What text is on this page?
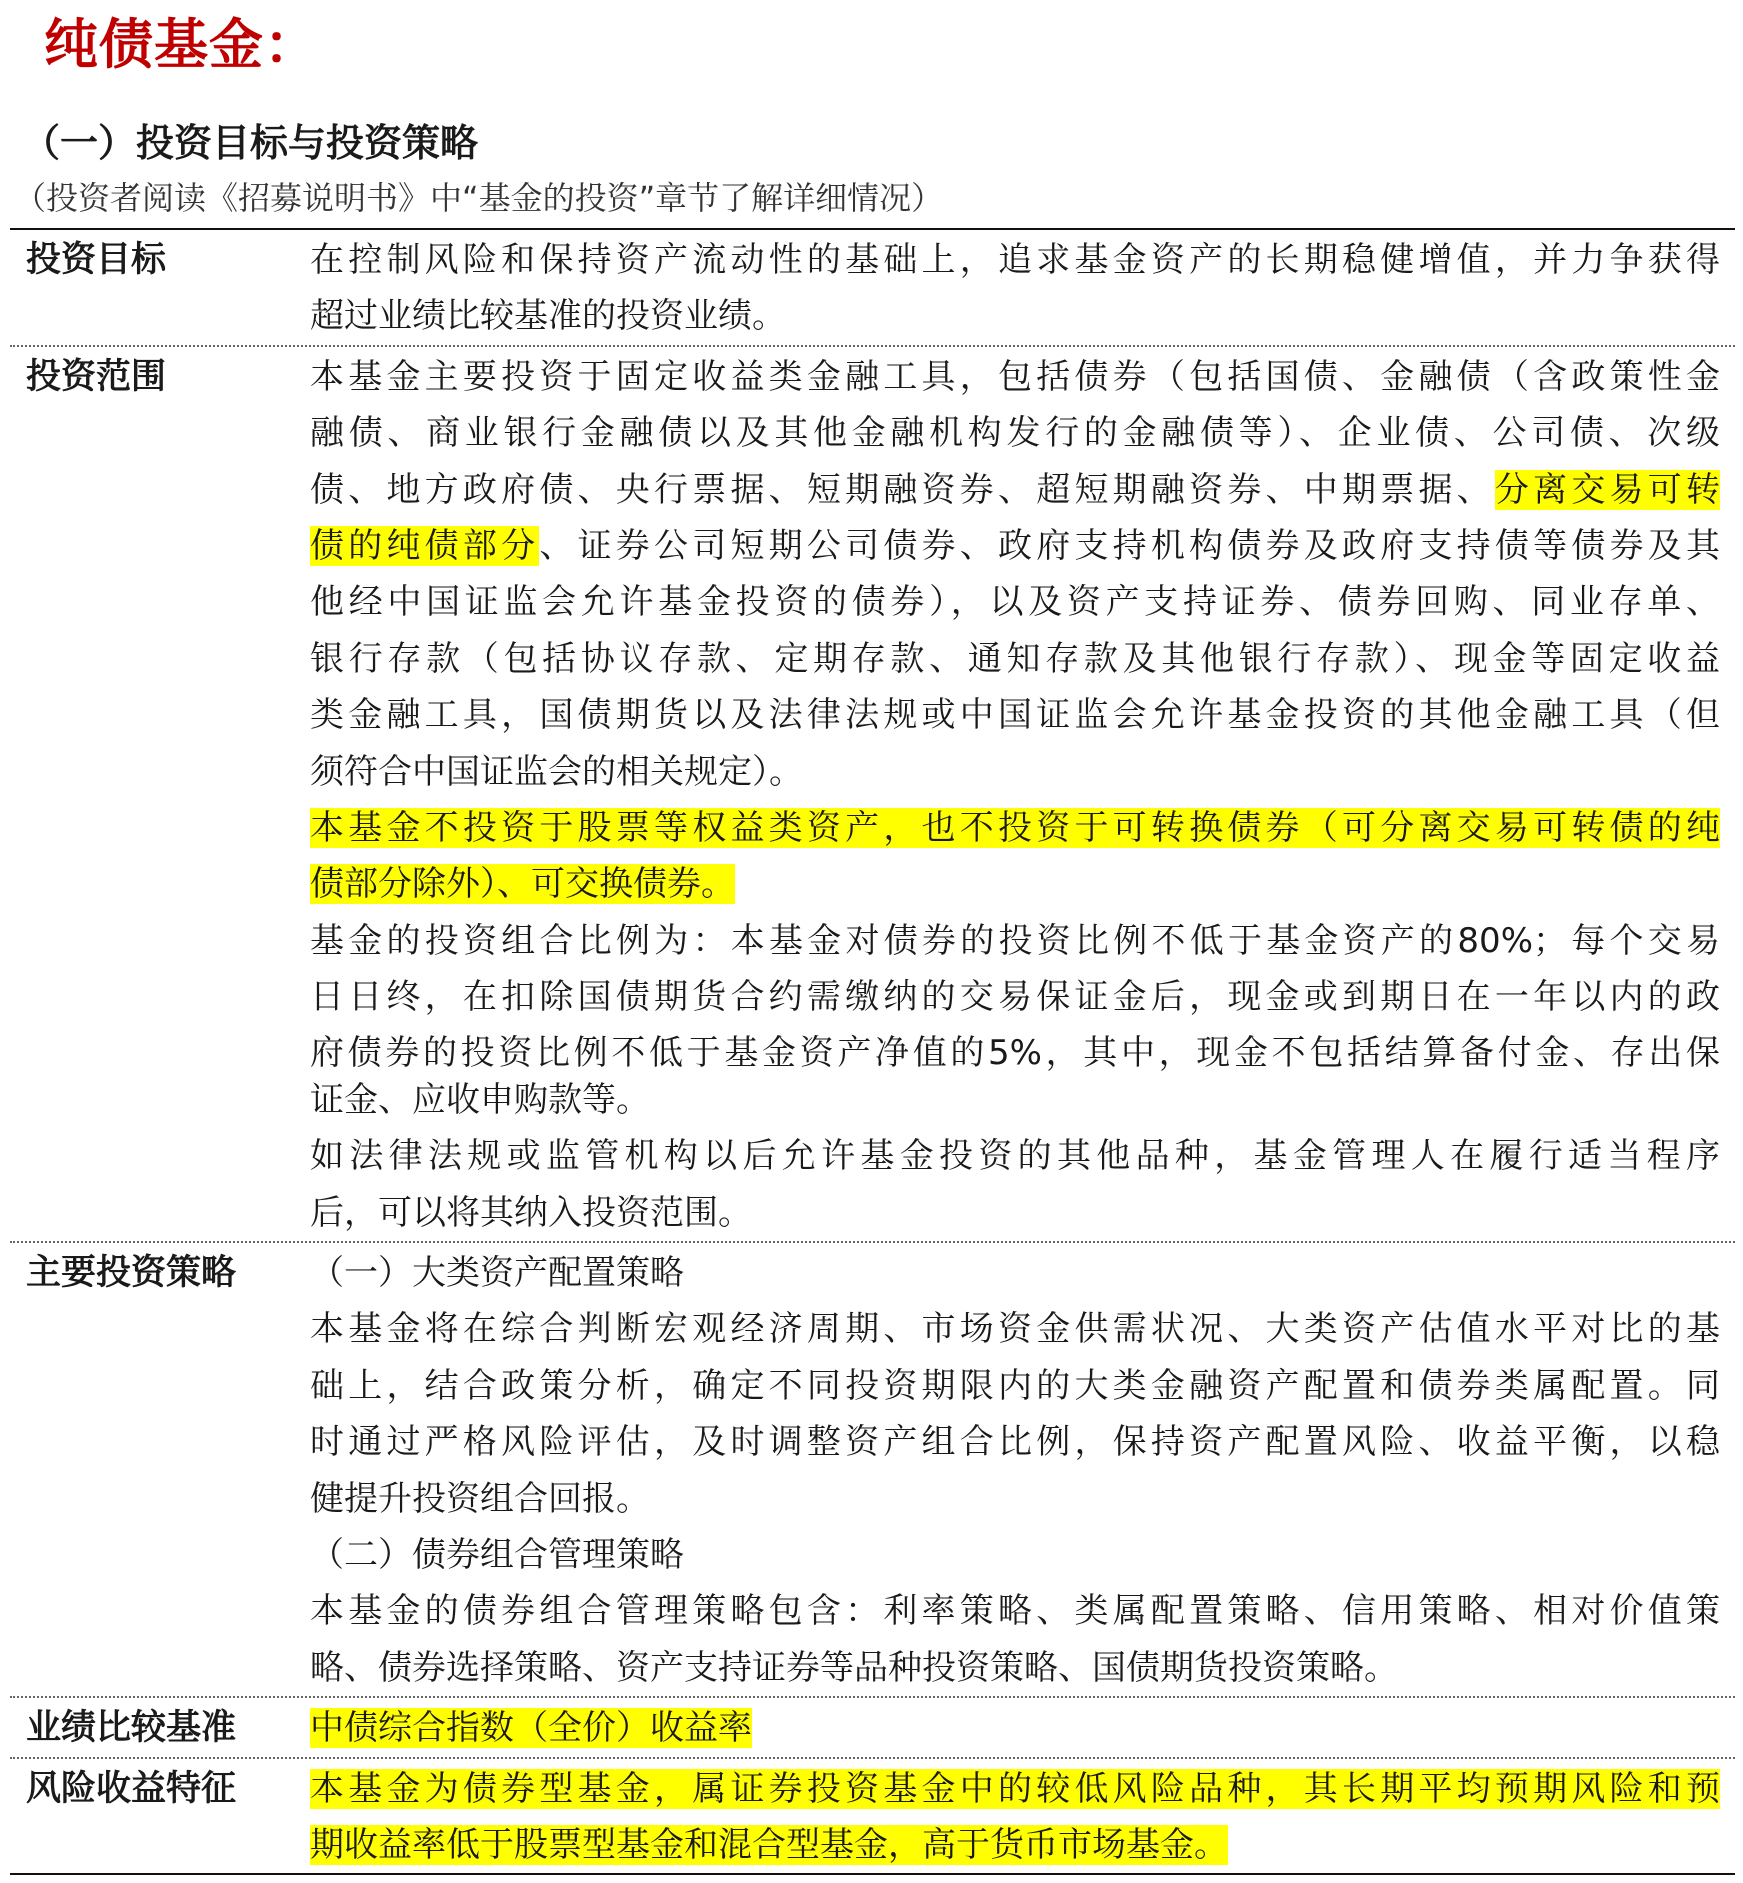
纯债基金：
（一）投资目标与投资策略
（投资者阅读《招募说明书》中“基金的投资”章节了解详细情况）
投资目标	在控制风险和保持资产流动性的基础上，追求基金资产的长期稳健增值，并力争获得
超过业绩比较基准的投资业绩。
投资范围	本基金主要投资于固定收益类金融工具，包括债券（包括国债、金融债（含政策性金
融债、商业银行金融债以及其他金融机构发行的金融债等）、企业债、公司债、次级
债、地方政府债、央行票据、短期融资券、超短期融资券、中期票据、分离交易可转
债的纯债部分、证券公司短期公司债券、政府支持机构债券及政府支持债等债券及其
他经中国证监会允许基金投资的债券），以及资产支持证券、债券回购、同业存单、
银行存款（包括协议存款、定期存款、通知存款及其他银行存款）、现金等固定收益
类金融工具，国债期货以及法律法规或中国证监会允许基金投资的其他金融工具（但
须符合中国证监会的相关规定）。
本基金不投资于股票等权益类资产，也不投资于可转换债券（可分离交易可转债的纯
债部分除外）、可交换债券。
基金的投资组合比例为：本基金对债券的投资比例不低于基金资产的80%；每个交易
日日终，在扣除国债期货合约需缴纳的交易保证金后，现金或到期日在一年以内的政
府债券的投资比例不低于基金资产净值的5%，其中，现金不包括结算备付金、存出保
证金、应收申购款等。
如法律法规或监管机构以后允许基金投资的其他品种，基金管理人在履行适当程序
后，可以将其纳入投资范围。
主要投资策略	（一）大类资产配置策略
本基金将在综合判断宏观经济周期、市场资金供需状况、大类资产估值水平对比的基
础上，结合政策分析，确定不同投资期限内的大类金融资产配置和债券类属配置。同
时通过严格风险评估，及时调整资产组合比例，保持资产配置风险、收益平衡，以稳
健提升投资组合回报。
（二）债券组合管理策略
本基金的债券组合管理策略包含：利率策略、类属配置策略、信用策略、相对价值策
略、债券选择策略、资产支持证券等品种投资策略、国债期货投资策略。
业绩比较基准	中债综合指数（全价）收益率
风险收益特征	本基金为债券型基金，属证券投资基金中的较低风险品种，其长期平均预期风险和预
期收益率低于股票型基金和混合型基金，高于货币市场基金。
